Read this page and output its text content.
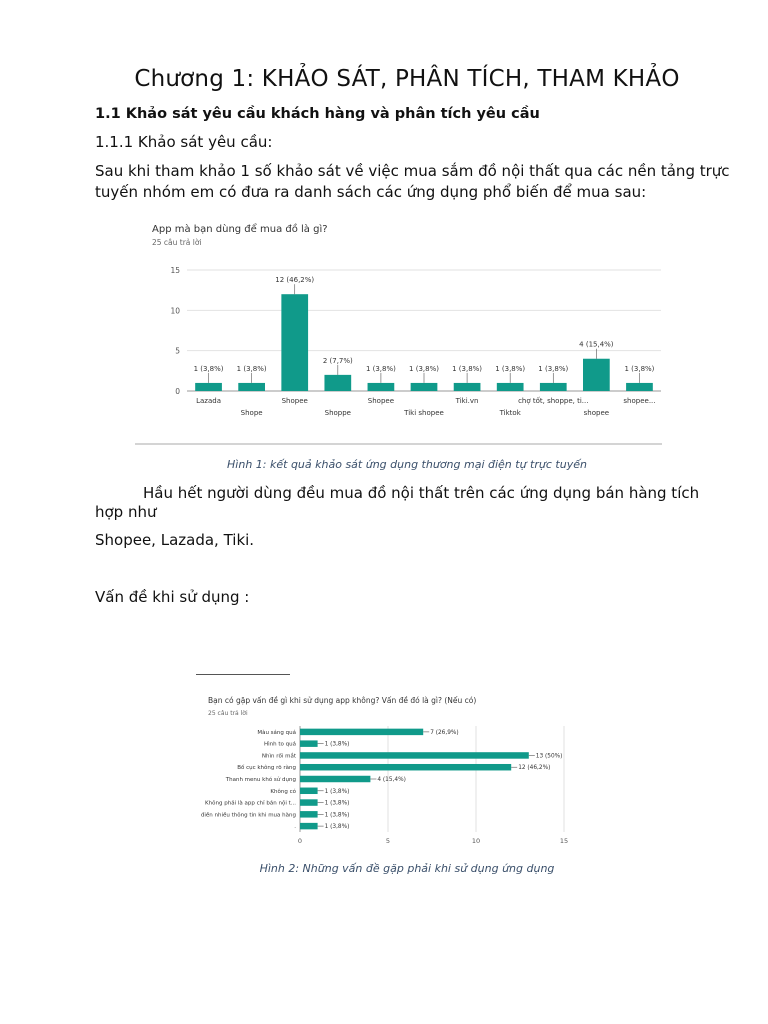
Chương 1: KHẢO SÁT, PHÂN TÍCH, THAM KHẢO
1.1 Khảo sát yêu cầu khách hàng và phân tích yêu cầu
1.1.1 Khảo sát yêu cầu:
Sau khi tham khảo 1 số khảo sát về việc mua sắm đồ nội thất qua các nền tảng trực tuyến nhóm em có đưa ra danh sách các ứng dụng phổ biến để mua sau:
App mà bạn dùng để mua đồ là gì?
25 câu trả lời
0
5
10
15
1 (3,8%)
Lazada
1 (3,8%)
Shope
12 (46,2%)
Shopee
2 (7,7%)
Shoppe
1 (3,8%)
Shopee
1 (3,8%)
Tiki shopee
1 (3,8%)
Tiki.vn
1 (3,8%)
Tiktok
1 (3,8%)
chợ tốt, shoppe, ti...
4 (15,4%)
shopee
1 (3,8%)
shopee...
Hình 1: kết quả khảo sát ứng dụng thương mại điện tự trực tuyến
Hầu hết người dùng đều mua đồ nội thất trên các ứng dụng bán hàng tích hợp như
Shopee, Lazada, Tiki.
Vấn đề khi sử dụng :
Bạn có gặp vấn đề gì khi sử dụng app không? Vấn đề đó là gì? (Nếu có)
25 câu trả lời
0	5	10	15
7 (26,9%)
Màu sáng quá
1 (3,8%)
Hình to quá
13 (50%)
Nhìn rối mắt
12 (46,2%)
Bố cục không rõ ràng
4 (15,4%)
Thanh menu khó sử dụng
1 (3,8%)
Không có
1 (3,8%)
Không phải là app chỉ bán nội t...
1 (3,8%)
điền nhiều thông tin khi mua hàng
1 (3,8%)
.
Hình 2: Những vấn đề gặp phải khi sử dụng ứng dụng
